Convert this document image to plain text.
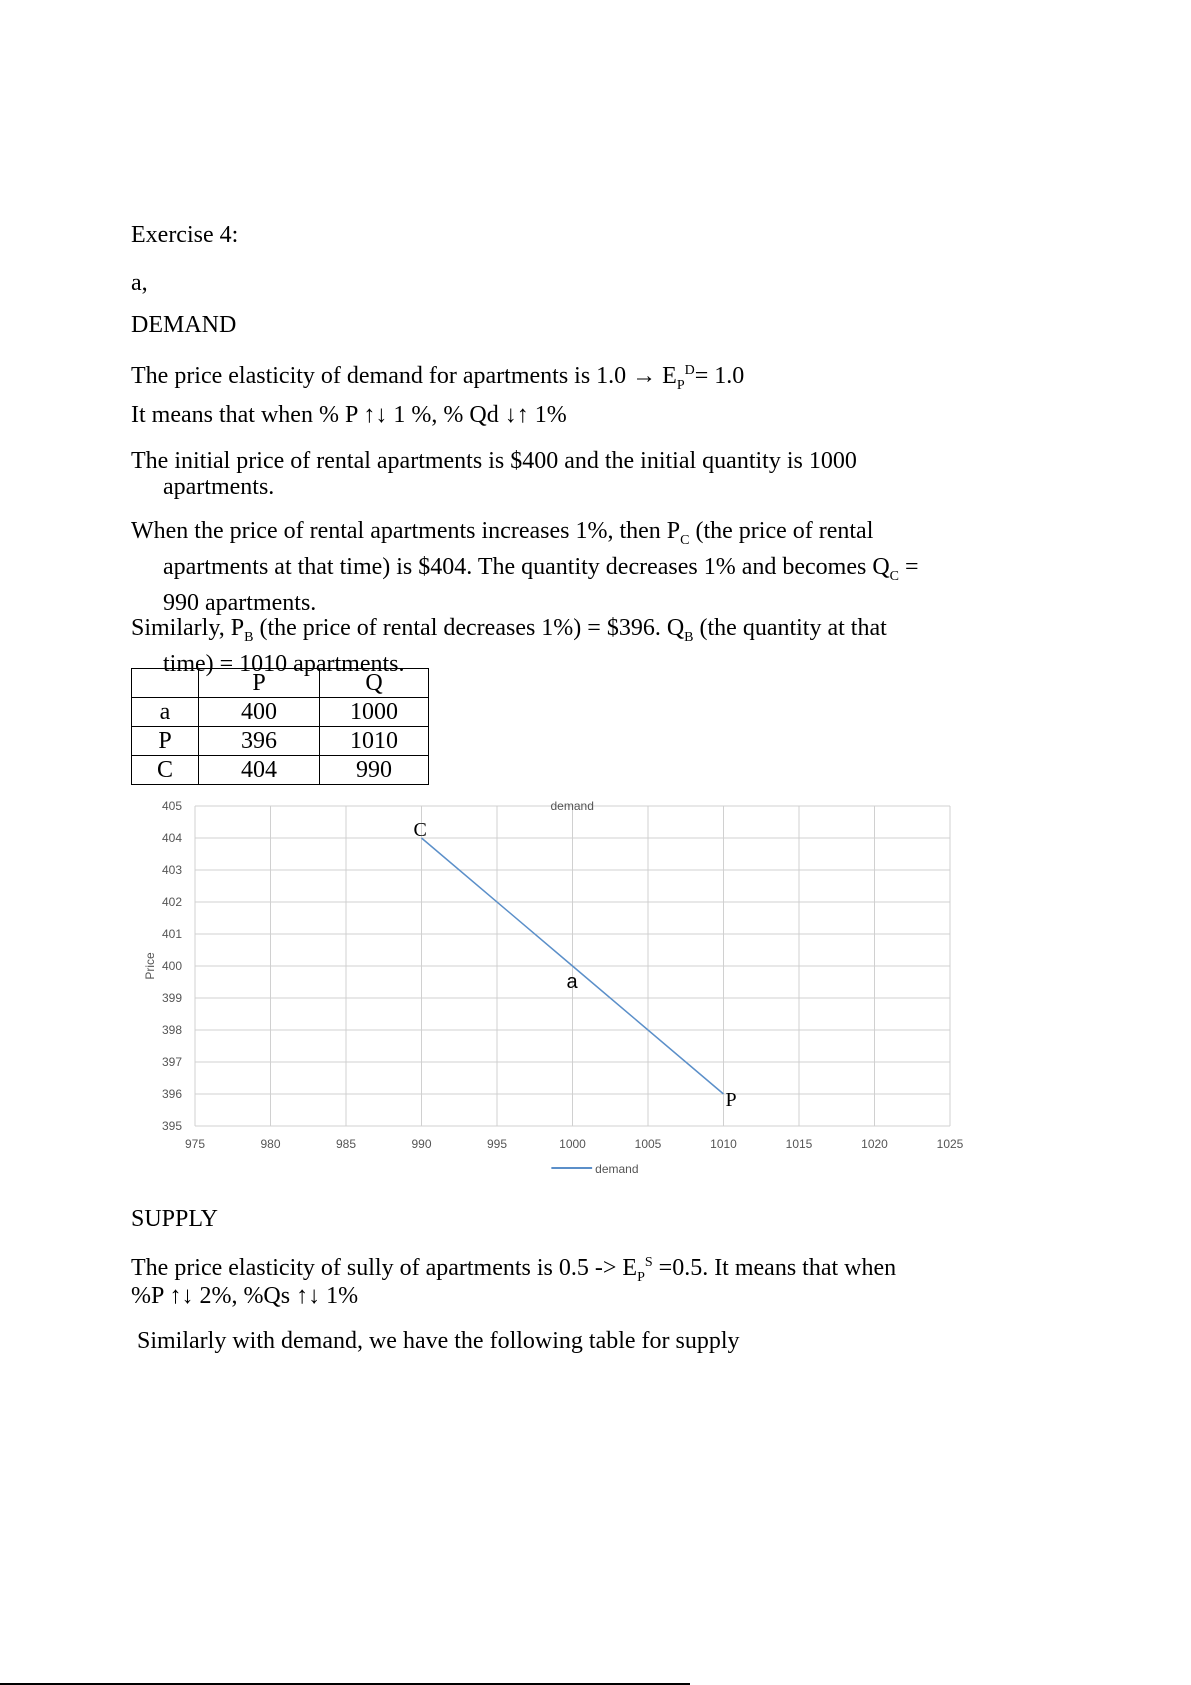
Exercise 4:
a,
DEMAND
The price elasticity of demand for apartments is $1.0 \to E_P^D= 1.0$
It means that when % P ↑↓ 1 %, % Qd ↓↑ 1%
The initial price of rental apartments is $400 and the initial quantity is 1000
apartments.
When the price of rental apartments increases 1%, then $P_C$ (the price of rental
apartments at that time) is $404. The quantity decreases 1% and becomes $Q_C$ =
990 apartments.
Similarly, $P_B$ (the price of rental decreases 1%) = $396. $Q_B$ (the quantity at that
time) = 1010 apartments.
	P	Q
a	400	1000
P	396	1010
C	404	990
975	980	985	990	995	1000	1005	1010	1015	1020	1025
405
404
403
402
401
400
399
398
397
396
395
demand
Price
demand
C
a
P
SUPPLY
The price elasticity of sully of apartments is $0.5 -> E_P^S =0.5$. It means that when
%P ↑↓ 2%, %Qs ↑↓ 1%
Similarly with demand, we have the following table for supply
